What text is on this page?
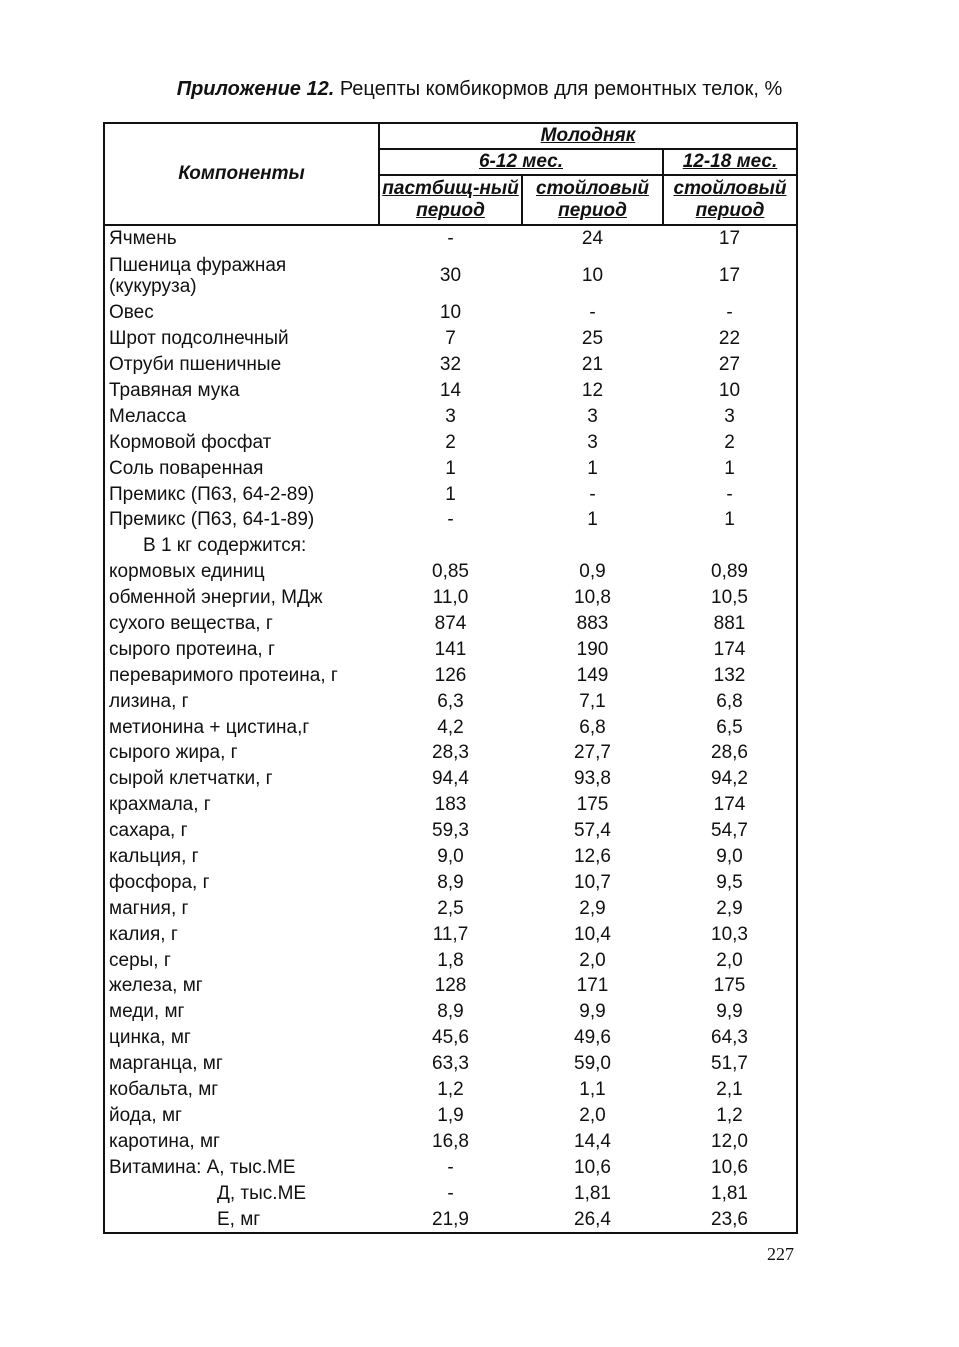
Приложение 12. Рецепты комбикормов для ремонтных телок, %
Компоненты	Молодняк		
	6-12 мес.		12-18 мес.
	пастбищ-ный период	стойловый период	стойловый период
Ячмень	-	24	17
Пшеница фуражная (кукуруза)	30	10	17
Овес	10	-	-
Шрот подсолнечный	7	25	22
Отруби пшеничные	32	21	27
Травяная мука	14	12	10
Меласса	3	3	3
Кормовой фосфат	2	3	2
Соль поваренная	1	1	1
Премикс (П63, 64-2-89)	1	-	-
Премикс (П63, 64-1-89)	-	1	1
В 1 кг содержится:			
кормовых единиц	0,85	0,9	0,89
обменной энергии, МДж	11,0	10,8	10,5
сухого вещества, г	874	883	881
сырого протеина, г	141	190	174
переваримого протеина, г	126	149	132
лизина, г	6,3	7,1	6,8
метионина + цистина,г	4,2	6,8	6,5
сырого жира, г	28,3	27,7	28,6
сырой клетчатки, г	94,4	93,8	94,2
крахмала, г	183	175	174
сахара, г	59,3	57,4	54,7
кальция, г	9,0	12,6	9,0
фосфора, г	8,9	10,7	9,5
магния, г	2,5	2,9	2,9
калия, г	11,7	10,4	10,3
серы, г	1,8	2,0	2,0
железа, мг	128	171	175
меди, мг	8,9	9,9	9,9
цинка, мг	45,6	49,6	64,3
марганца, мг	63,3	59,0	51,7
кобальта, мг	1,2	1,1	2,1
йода, мг	1,9	2,0	1,2
каротина, мг	16,8	14,4	12,0
Витамина: А, тыс.МЕ	-	10,6	10,6
Д, тыс.МЕ	-	1,81	1,81
Е, мг	21,9	26,4	23,6
227
